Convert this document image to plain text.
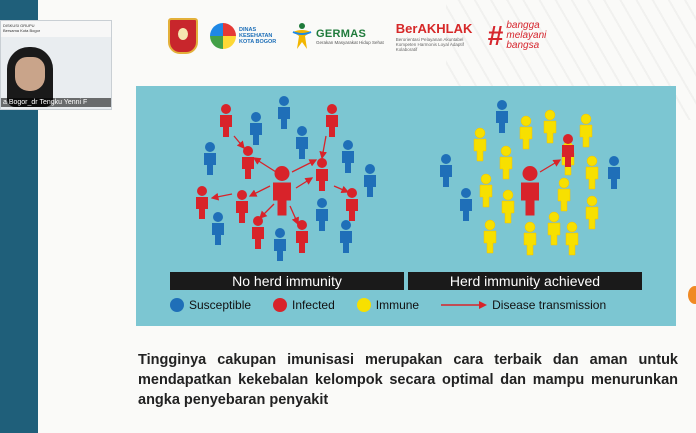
DINAS KESEHATAN KOTA BOGOR
GERMAS
Gerakan Masyarakat Hidup Sehat
BerAKHLAK
Berorientasi Pelayanan Akuntabel Kompeten Harmonis Loyal Adaptif Kolaboratif	# bangga
melayani
bangsa
DISKUSI GRUPU
Bersama Kota Bogor
a Bogor_dr Tengku Yenni F
No herd immunity	Herd immunity achieved
Susceptible	Infected	Immune	Disease transmission
Tingginya cakupan imunisasi merupakan cara terbaik dan aman untuk mendapatkan kekebalan kelompok secara optimal dan mampu menurunkan angka penyebaran penyakit
